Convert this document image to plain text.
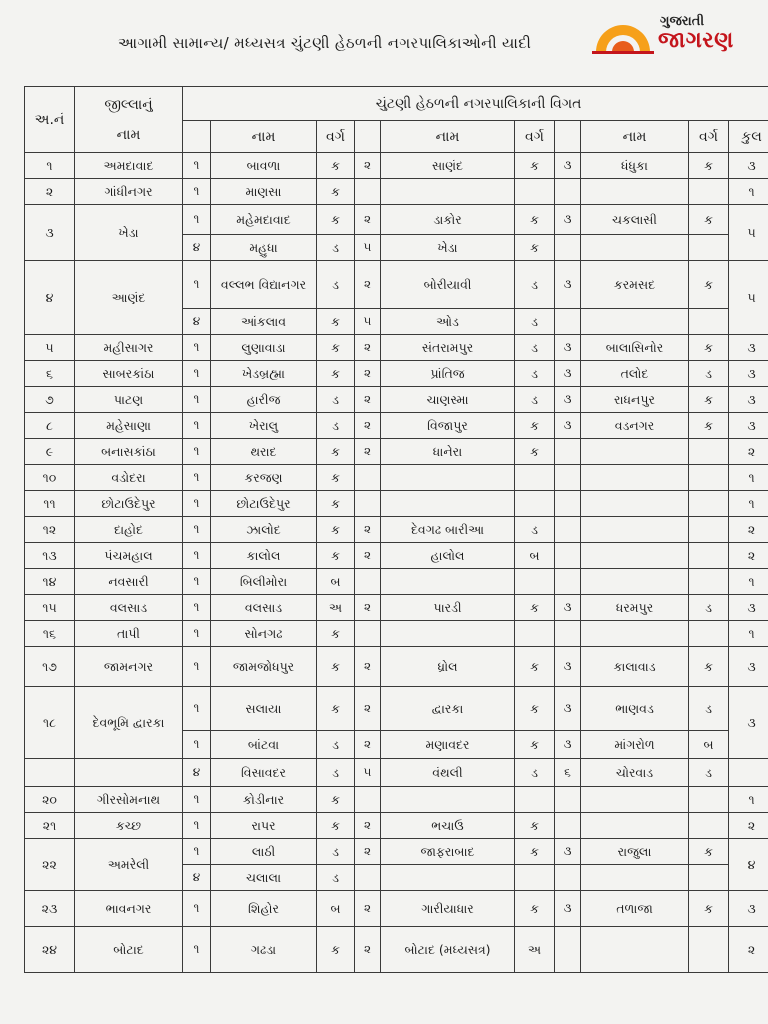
આગામી સામાન્ય/ મધ્યસત્ર ચુંટણી હેઠળની નગરપાલિકાઓની યાદી
ગુજરાતી
જાગરણ
અ.નં	જીલ્લાનું
નામ	ચુંટણી હેઠળની નગરપાલિકાની વિગત									
			નામ	વર્ગ		નામ	વર્ગ		નામ	વર્ગ	કુલ
૧	અમદાવાદ	૧	બાવળા	ક	૨	સાણંદ	ક	૩	ધંધુકા	ક	૩
૨	ગાંધીનગર	૧	માણસા	ક							૧
૩	ખેડા	૧	મહેમદાવાદ	ક	૨	ડાકોર	ક	૩	ચકલાસી	ક	૫
		૪	મહુધા	ડ	૫	ખેડા	ક				
૪	આણંદ	૧	વલ્લભ વિદ્યાનગર	ડ	૨	બોરીયાવી	ડ	૩	કરમસદ	ક	૫
		૪	આંકલાવ	ક	૫	ઓડ	ડ				
૫	મહીસાગર	૧	લુણાવાડા	ક	૨	સંતરામપુર	ડ	૩	બાલાસિનોર	ક	૩
૬	સાબરકાંઠા	૧	ખેડબ્રહ્મા	ક	૨	પ્રાંતિજ	ડ	૩	તલોદ	ડ	૩
૭	પાટણ	૧	હારીજ	ડ	૨	ચાણસ્મા	ડ	૩	રાધનપુર	ક	૩
૮	મહેસાણા	૧	ખેરાલુ	ડ	૨	વિજાપુર	ક	૩	વડનગર	ક	૩
૯	બનાસકાંઠા	૧	થરાદ	ક	૨	ધાનેરા	ક				૨
૧૦	વડોદરા	૧	કરજણ	ક							૧
૧૧	છોટાઉદેપુર	૧	છોટાઉદેપુર	ક							૧
૧૨	દાહોદ	૧	ઝાલોદ	ક	૨	દેવગઢ બારીઆ	ડ				૨
૧૩	પંચમહાલ	૧	કાલોલ	ક	૨	હાલોલ	બ				૨
૧૪	નવસારી	૧	બિલીમોરા	બ							૧
૧૫	વલસાડ	૧	વલસાડ	અ	૨	પારડી	ક	૩	ધરમપુર	ડ	૩
૧૬	તાપી	૧	સોનગઢ	ક							૧
૧૭	જામનગર	૧	જામજોધપુર	ક	૨	ધ્રોલ	ક	૩	કાલાવાડ	ક	૩
૧૮	દેવભૂમિ દ્વારકા	૧	સલાયા	ક	૨	દ્વારકા	ક	૩	ભાણવડ	ડ	૩
		૧	બાંટવા	ડ	૨	મણાવદર	ક	૩	માંગરોળ	બ	
		૪	વિસાવદર	ડ	૫	વંથલી	ડ	૬	ચોરવાડ	ડ	
૨૦	ગીરસોમનાથ	૧	કોડીનાર	ક							૧
૨૧	કચ્છ	૧	રાપર	ક	૨	ભચાઉ	ક				૨
૨૨	અમરેલી	૧	લાઠી	ડ	૨	જાફરાબાદ	ક	૩	રાજુલા	ક	૪
		૪	ચલાલા	ડ							
૨૩	ભાવનગર	૧	શિહોર	બ	૨	ગારીયાધાર	ક	૩	તળાજા	ક	૩
૨૪	બોટાદ	૧	ગઢડા	ક	૨	બોટાદ (મધ્યસત્ર)	અ				૨
